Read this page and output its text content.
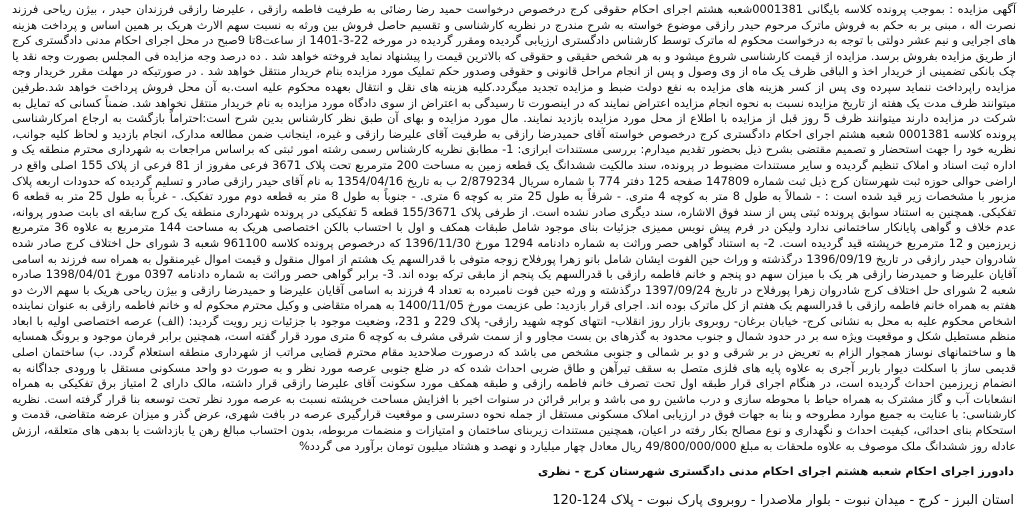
آگهی مزایده : بموجب پرونده کلاسه بایگانی 0001381شعبه هشتم اجرای احکام حقوقی کرج درخصوص درخواست حمید رضا رضائی به طرفیت فاطمه رازقی ، علیرضا رازقی فرزندان حیدر ، بیژن ریاحی فرزند نصرت اله ، مبنی بر به حکم به فروش ماترک مرحوم حیدر رازقی موضوع خواسته به شرح مندرج در نظریه کارشناسی و تقسیم حاصل فروش بین ورثه به نسبت سهم الارث هریک بر همین اساس و پرداخت هزینه های اجرایی و نیم عشر دولتی با توجه به درخواست محکوم له ماترک توسط کارشناس دادگستری ارزیابی گردیده ومقرر گردیده در مورخه 22-3-1401 از ساعت8تا 9صبح در محل اجرای احکام مدنی دادگستری کرج از طریق مزایده بفروش برسد. مزایده از قیمت کارشناسی شروع میشود و به هر شخص حقیقی و حقوقی که بالاترین قیمت را پیشنهاد نماید فروخته خواهد شد . ده درصد وجه مزایده فی المجلس بصورت وجه نقد یا چک بانکی تضمینی از خریدار اخذ و الباقی ظرف یک ماه از وی وصول و پس از انجام مراحل قانونی و حقوقی وصدور حکم تملیک مورد مزایده بنام خریدار منتقل خواهد شد . در صورتیکه در مهلت مقرر خریدار وجه مزایده راپرداخت ننماید سپرده وی پس از کسر هزینه های مزایده به نفع دولت ضبط و مزایده تجدید میگردد.کلیه هزینه های نقل و انتقال بعهده محکوم علیه است.به آن محل فروش پرداخت خواهد شد.طرفین میتوانند ظرف مدت یک هفته از تاریخ مزایده نسبت به نحوه انجام مزایده اعتراض نمایند که در اینصورت تا رسیدگی به اعتراض از سوی دادگاه مورد مزایده به نام خریدار منتقل نخواهد شد. ضمناً کسانی که تمایل به شرکت در مزایده دارند میتوانند ظرف 5 روز قبل از مزایده با اطلاع از محل مورد مزایده بازدید نمایند. مال مورد مزایده و بهای آن طبق نظر کارشناس بدین شرح است:احتراماً بازگشت به ارجاع امرکارشناسی پرونده کلاسه 0001381 شعبه هشتم اجرای احکام دادگستری کرج درخصوص خواسته آقای حمیدرضا رازقی به طرفیت آقای علیرضا رازقی و غیره، اینجانب ضمن مطالعه مدارک، انجام بازدید و لحاظ کلیه جوانب، نظریه خود را جهت استحضار و تصمیم مقتضی بشرح ذیل بحضور تقدیم میدارم: بررسی مستندات ابرازی: 1- مطابق نظریه کارشناس رسمی رشته امور ثبتی که براساس مراجعات به شهرداری محترم منطقه یک و اداره ثبت اسناد و املاک تنظیم گردیده و سایر مستندات مضبوط در پرونده، سند مالکیت ششدانگ یک قطعه زمین به مساحت 200 مترمربع تحت پلاک 3671 فرعی مفروز از 81 فرعی از پلاک 155 اصلی واقع در اراضی حوالی حوزه ثبت شهرستان کرج ذیل ثبت شماره 147809 صفحه 125 دفتر 774 با شماره سریال 2/879234 ب به تاریخ 1354/04/16 به نام آقای حیدر رازقی صادر و تسلیم گردیده که حدودات اربعه پلاک مزبور با مشخصات زیر قید شده است : - شمالاً به طول 8 متر به کوچه 4 متری. - شرقاً به طول 25 متر به کوچه 6 متری. - جنوباً به طول 8 متر به قطعه دوم مورد تفکیک. - غرباً به طول 25 متر به قطعه 6 تفکیکی. همچنین به استناد سوابق پرونده ثبتی پس از سند فوق الاشاره، سند دیگری صادر نشده است. از طرفی پلاک 155/3671 قطعه 5 تفکیکی در پرونده شهرداری منطقه یک کرج سابقه ای بابت صدور پروانه، عدم خلاف و گواهی پایانکار ساختمانی ندارد ولیکن در فرم پیش نویس ممیزی جزئیات بنای موجود شامل طبقات همکف و اول با احتساب بالکن اختصاصی هریک به مساحت 144 مترمربع به علاوه 36 مترمربع زیرزمین و 12 مترمربع خرپشته قید گردیده است. 2- به استناد گواهی حصر وراثت به شماره دادنامه 1294 مورخ 1396/11/30 که درخصوص پرونده کلاسه 961100 شعبه 3 شورای حل اختلاف کرج صادر شده شادروان حیدر رازقی در تاریخ 1396/09/19 درگذشته و وراث حین الفوت ایشان شامل بانو زهرا پورفلاح زوجه متوفی با قدرالسهم یک هشتم از اموال منقول و قیمت اموال غیرمنقول به همراه سه فرزند به اسامی آقایان علیرضا و حمیدرضا رازقی هر یک با میزان سهم دو پنجم و خانم فاطمه رازقی با قدرالسهم یک پنجم از مابقی ترکه بوده اند. 3- برابر گواهی حصر وراثت به شماره دادنامه 0397 مورخ 1398/04/01 صادره شعبه 2 شورای حل اختلاف کرج شادروان زهرا پورفلاح در تاریخ 1397/09/24 درگذشته و ورثه حین فوت نامبرده به تعداد 4 فرزند به اسامی آقایان علیرضا و حمیدرضا رازقی و بیژن ریاحی هریک با سهم الارث دو هفتم به همراه خانم فاطمه رازقی با قدرالسهم یک هفتم از کل ماترک بوده اند. اجرای قرار بازدید: طی عزیمت مورخ 1400/11/05 به همراه متقاضی و وکیل محترم محکوم له و خانم فاطمه رازقی به عنوان نماینده اشخاص محکوم علیه به محل به نشانی کرج- خیابان برغان- روبروی بازار روز انقلاب- انتهای کوچه شهید رازقی- پلاک 229 و 231، وضعیت موجود با جزئیات زیر رویت گردید: (الف) عرصه اختصاصی اولیه با ابعاد منظم مستطیل شکل و موقعیت ویژه سه بر در حدود شمال و جنوب محدود به گذرهای بن بست مجاور و از سمت شرقی مشرف به کوچه 6 متری مورد قرار گفته است، همچنین برابر فرمان موجود و برونگ همسایه ها و ساختمانهای نوساز همجوار الزام به تعریض در بر شرقی و دو بر شمالی و جنوبی مشخص می باشد که درصورت صلاحدید مقام محترم قضایی مراتب از شهرداری منطقه استعلام گردد. ب) ساختمان اصلی قدیمی ساز با اسکلت دیوار باربر آجری به علاوه پایه های فلزی متصل به سقف تیرآهن و طاق ضربی احداث شده که در ضلع جنوبی عرصه مورد نظر و به صورت دو واحد مسکونی مستقل با ورودی جداگانه به انضمام زیرزمین احداث گردیده است، در هنگام اجرای قرار طبقه اول تحت تصرف خانم فاطمه رازقی و طبقه همکف مورد سکونت آقای علیرضا رازقی قرار داشته، مالک دارای 2 امتیاز برق تفکیکی به همراه انشعابات آب و گاز مشترک به همراه حیاط با محوطه سازی و درب ماشین رو می باشد و برابر قرائن در سنوات اخیر با افزایش مساحت خرپشته نسبت به عرصه مورد نظر تحت توسعه بنا قرار گرفته است. نظریه کارشناسی: با عنایت به جمیع موارد مطروحه و بنا به جهات فوق در ارزیابی املاک مسکونی مستقل از جمله نحوه دسترسی و موقعیت قرارگیری عرصه در بافت شهری، عرض گذر و میزان عرضه متقاضی، قدمت و استحکام بنای احداثی، کیفیت احداث و نگهداری و نوع مصالح بکار رفته در اعیان، همچنین مستندات زیربنای ساختمان و امتیازات و منضمات مربوطه، بدون احتساب مبالغ رهن یا بازداشت یا بدهی های متعلقه، ارزش عادله روز ششدانگ ملک موصوف به علاوه ملحقات به مبلغ 49/800/000/000 ریال معادل چهار میلیارد و نهصد و هشتاد میلیون تومان برآورد می گردد%

دادورز اجرای احکام شعبه هشتم اجرای احکام مدنی دادگستری شهرستان کرج - نظری
استان البرز - کرج - میدان نبوت - بلوار ملاصدرا - روبروی پارک نبوت - پلاک 124-120
